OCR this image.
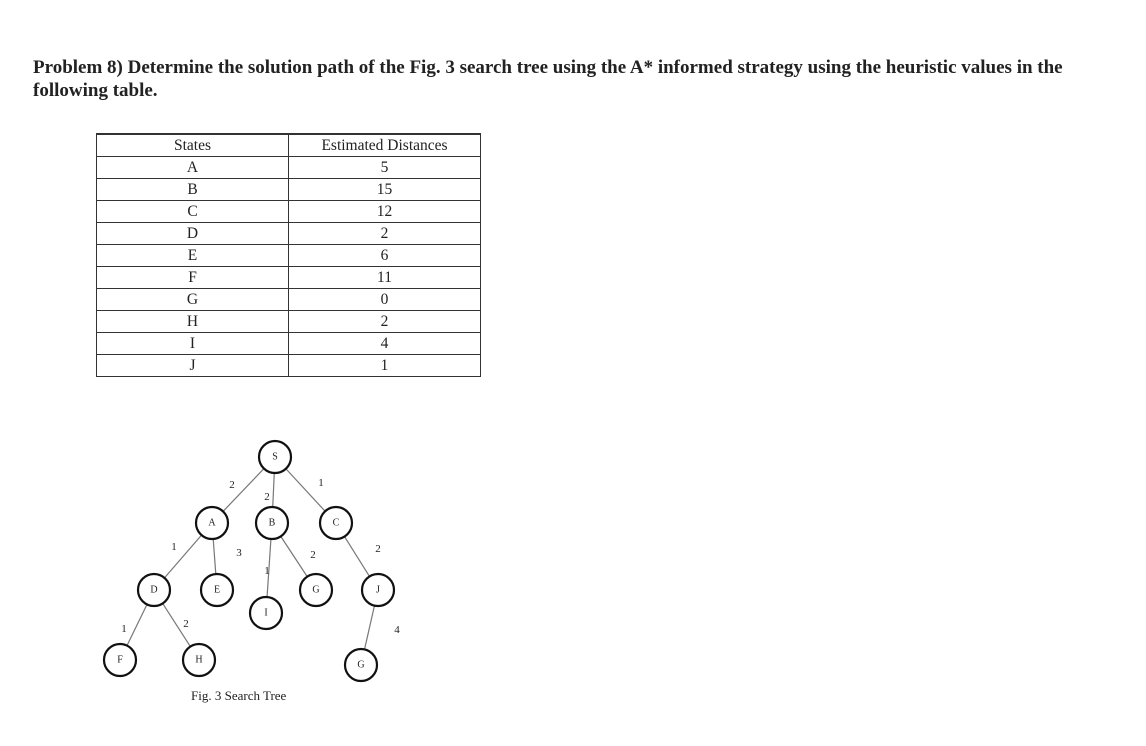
Problem 8) Determine the solution path of the Fig. 3 search tree using the A* informed strategy using the heuristic values in the following table.
States	Estimated Distances
A	5
B	15
C	12
D	2
E	6
F	11
G	0
H	2
I	4
J	1
2
2
1
1	3
1
2	2
1	2	4
S
A	B	C
D	E
I
G	J
F	H	G
Fig. 3 Search Tree
